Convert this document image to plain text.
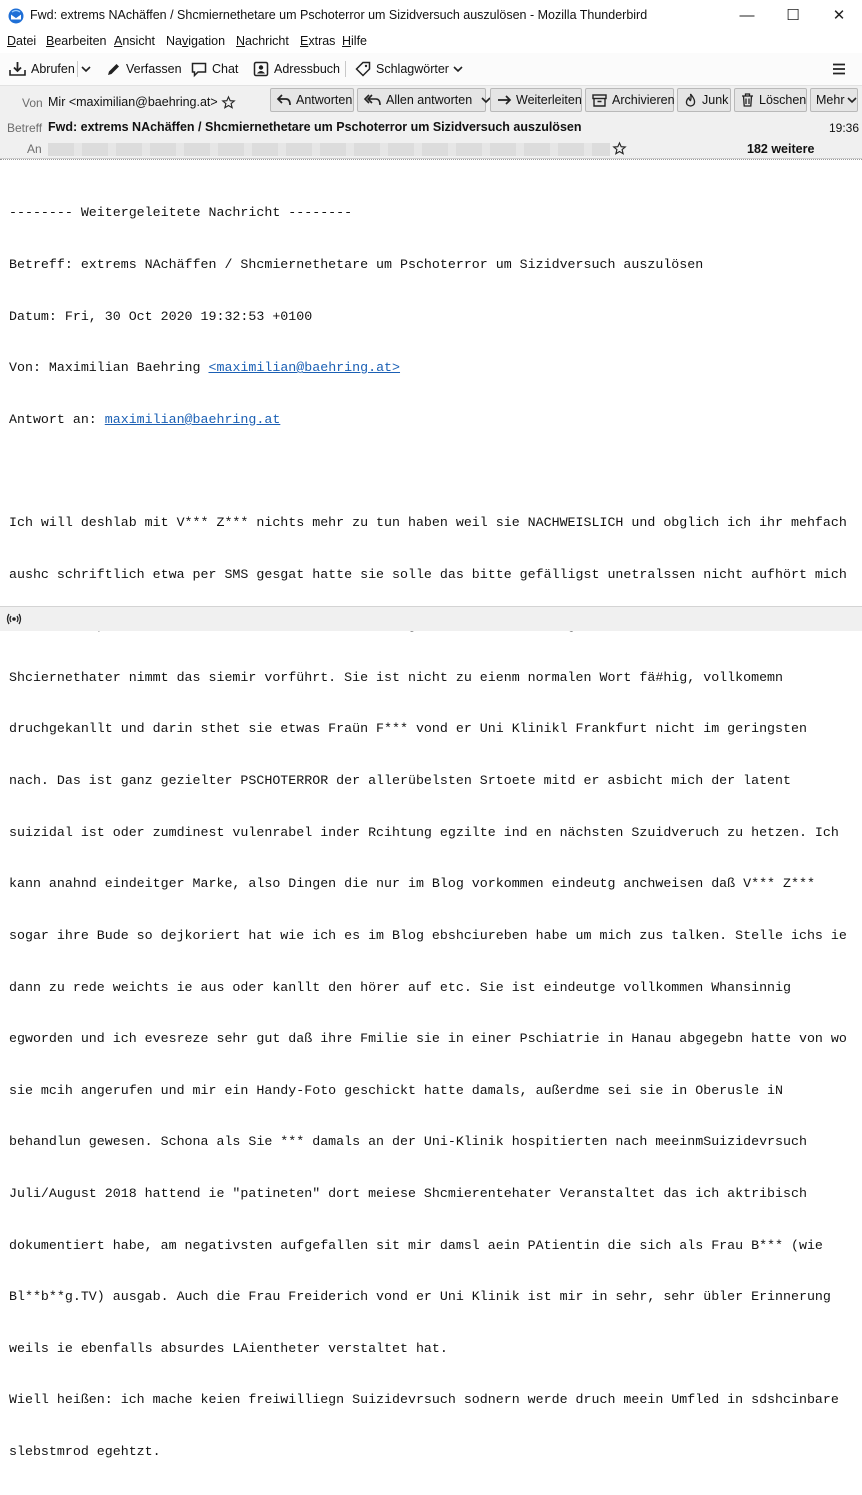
Fwd: extrems NAchäffen / Shcmiernethetare um Pschoterror um Sizidversuch auszulösen - Mozilla Thunderbird	—	☐	✕
Datei Bearbeiten Ansicht Navigation Nachricht Extras Hilfe
Abrufen	Verfassen Chat	Adressbuch	Schlagwörter
Von Mir <maximilian@baehring.at>
Betreff Fwd: extrems NAchäffen / Shcmiernethetare um Pschoterror um Sizidversuch auszulösen	19:36
An	182 weitere
Antworten	Allen antworten	Weiterleiten Archivieren Junk Löschen Mehr

-------- Weitergeleitete Nachricht --------

Betreff: extrems NAchäffen / Shcmiernethetare um Pschoterror um Sizidversuch auszulösen

Datum: Fri, 30 Oct 2020 19:32:53 +0100

Von: Maximilian Baehring <maximilian@baehring.at>

Antwort an: maximilian@baehring.at

Ich will deshlab mit V*** Z*** nichts mehr zu tun haben weil sie NACHWEISLICH und obglich ich ihr mehfach

aushc schriftlich etwa per SMS gesgat hatte sie solle das bitte gefälligst unetralssen nicht aufhört mich

Shciernethater nimmt das siemir vorführt. Sie ist nicht zu eienm normalen Wort fä#hig, vollkomemn

druchgekanllt und darin sthet sie etwas Fraün F*** vond er Uni Klinikl Frankfurt nicht im geringsten

nach. Das ist ganz gezielter PSCHOTERROR der allerübelsten Srtoete mitd er asbicht mich der latent

suizidal ist oder zumdinest vulenrabel inder Rcihtung egzilte ind en nächsten Szuidveruch zu hetzen. Ich

kann anahnd eindeitger Marke, also Dingen die nur im Blog vorkommen eindeutg anchweisen daß V*** Z***

sogar ihre Bude so dejkoriert hat wie ich es im Blog ebshciureben habe um mich zus talken. Stelle ichs ie

dann zu rede weichts ie aus oder kanllt den hörer auf etc. Sie ist eindeutge vollkommen Whansinnig

egworden und ich evesreze sehr gut daß ihre Fmilie sie in einer Pschiatrie in Hanau abgegebn hatte von wo

sie mcih angerufen und mir ein Handy-Foto geschickt hatte damals, außerdme sei sie in Oberusle iN

behandlun gewesen. Schona als Sie *** damals an der Uni-Klinik hospitierten nach meeinmSuizidevrsuch

Juli/August 2018 hattend ie "patineten" dort meiese Shcmierentehater Veranstaltet das ich aktribisch

dokumentiert habe, am negativsten aufgefallen sit mir damsl aein PAtientin die sich als Frau B*** (wie

Bl**b**g.TV) ausgab. Auch die Frau Freiderich vond er Uni Klinik ist mir in sehr, sehr übler Erinnerung

weils ie ebenfalls absurdes LAientheter verstaltet hat.

Wiell heißen: ich mache keien freiwilliegn Suizidevrsuch sodnern werde druch meein Umfled in sdshcinbare

slebstmrod egehtzt.
